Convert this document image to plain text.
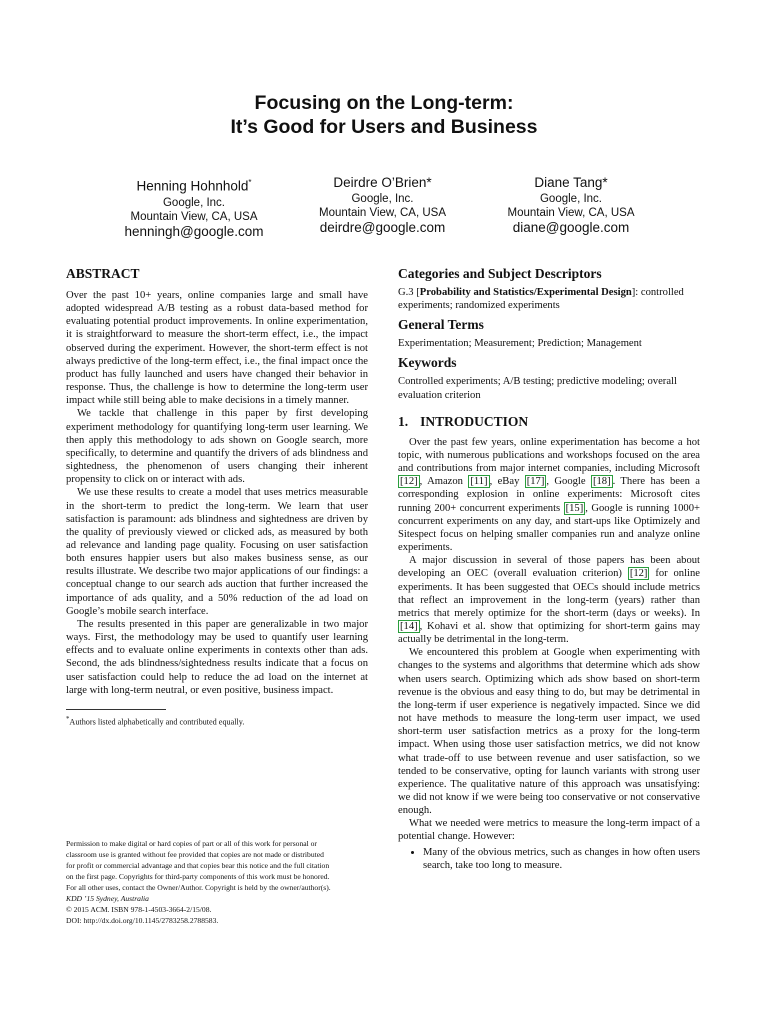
Focusing on the Long-term:
It’s Good for Users and Business
Henning Hohnhold*
Google, Inc.
Mountain View, CA, USA
henningh@google.com
Deirdre O’Brien*
Google, Inc.
Mountain View, CA, USA
deirdre@google.com
Diane Tang*
Google, Inc.
Mountain View, CA, USA
diane@google.com
ABSTRACT

Over the past 10+ years, online companies large and small have adopted widespread A/B testing as a robust data-based method for evaluating potential product improvements. In online experimentation, it is straightforward to measure the short-term effect, i.e., the impact observed during the experiment. However, the short-term effect is not always predictive of the long-term effect, i.e., the final impact once the product has fully launched and users have changed their behavior in response. Thus, the challenge is how to determine the long-term user impact while still being able to make decisions in a timely manner.

We tackle that challenge in this paper by first developing experiment methodology for quantifying long-term user learning. We then apply this methodology to ads shown on Google search, more specifically, to determine and quantify the drivers of ads blindness and sightedness, the phenomenon of users changing their inherent propensity to click on or interact with ads.

We use these results to create a model that uses metrics measurable in the short-term to predict the long-term. We learn that user satisfaction is paramount: ads blindness and sightedness are driven by the quality of previously viewed or clicked ads, as measured by both ad relevance and landing page quality. Focusing on user satisfaction both ensures happier users but also makes business sense, as our results illustrate. We describe two major applications of our findings: a conceptual change to our search ads auction that further increased the importance of ads quality, and a 50% reduction of the ad load on Google’s mobile search interface.

The results presented in this paper are generalizable in two major ways. First, the methodology may be used to quantify user learning effects and to evaluate online experiments in contexts other than ads. Second, the ads blindness/sightedness results indicate that a focus on user satisfaction could help to reduce the ad load on the internet at large with long-term neutral, or even positive, business impact.

*Authors listed alphabetically and contributed equally.
Permission to make digital or hard copies of part or all of this work for personal or
classroom use is granted without fee provided that copies are not made or distributed
for profit or commercial advantage and that copies bear this notice and the full citation
on the first page. Copyrights for third-party components of this work must be honored.
For all other uses, contact the Owner/Author. Copyright is held by the owner/author(s).
KDD ’15 Sydney, Australia
© 2015 ACM. ISBN 978-1-4503-3664-2/15/08.
DOI: http://dx.doi.org/10.1145/2783258.2788583.
Categories and Subject Descriptors

G.3 [Probability and Statistics/Experimental Design]: controlled experiments; randomized experiments

General Terms

Experimentation; Measurement; Prediction; Management

Keywords

Controlled experiments; A/B testing; predictive modeling; overall evaluation criterion

1. INTRODUCTION

Over the past few years, online experimentation has become a hot topic, with numerous publications and workshops focused on the area and contributions from major internet companies, including Microsoft [12] , Amazon [11] , eBay [17] , Google [18] . There has been a corresponding explosion in online experiments: Microsoft cites running 200+ concurrent experiments [15] , Google is running 1000+ concurrent experiments on any day, and start-ups like Optimizely and Sitespect focus on helping smaller companies run and analyze online experiments.

A major discussion in several of those papers has been about developing an OEC (overall evaluation criterion) [12] for online experiments. It has been suggested that OECs should include metrics that reflect an improvement in the long-term (years) rather than metrics that merely optimize for the short-term (days or weeks). In [14] , Kohavi et al. show that optimizing for short-term gains may actually be detrimental in the long-term.

We encountered this problem at Google when experimenting with changes to the systems and algorithms that determine which ads show when users search. Optimizing which ads show based on short-term revenue is the obvious and easy thing to do, but may be detrimental in the long-term if user experience is negatively impacted. Since we did not have methods to measure the long-term user impact, we used short-term user satisfaction metrics as a proxy for the long-term impact. When using those user satisfaction metrics, we did not know what trade-off to use between revenue and user satisfaction, so we tended to be conservative, opting for launch variants with strong user experience. The qualitative nature of this approach was unsatisfying: we did not know if we were being too conservative or not conservative enough.

What we needed were metrics to measure the long-term impact of a potential change. However:

• Many of the obvious metrics, such as changes in how often users search, take too long to measure.
